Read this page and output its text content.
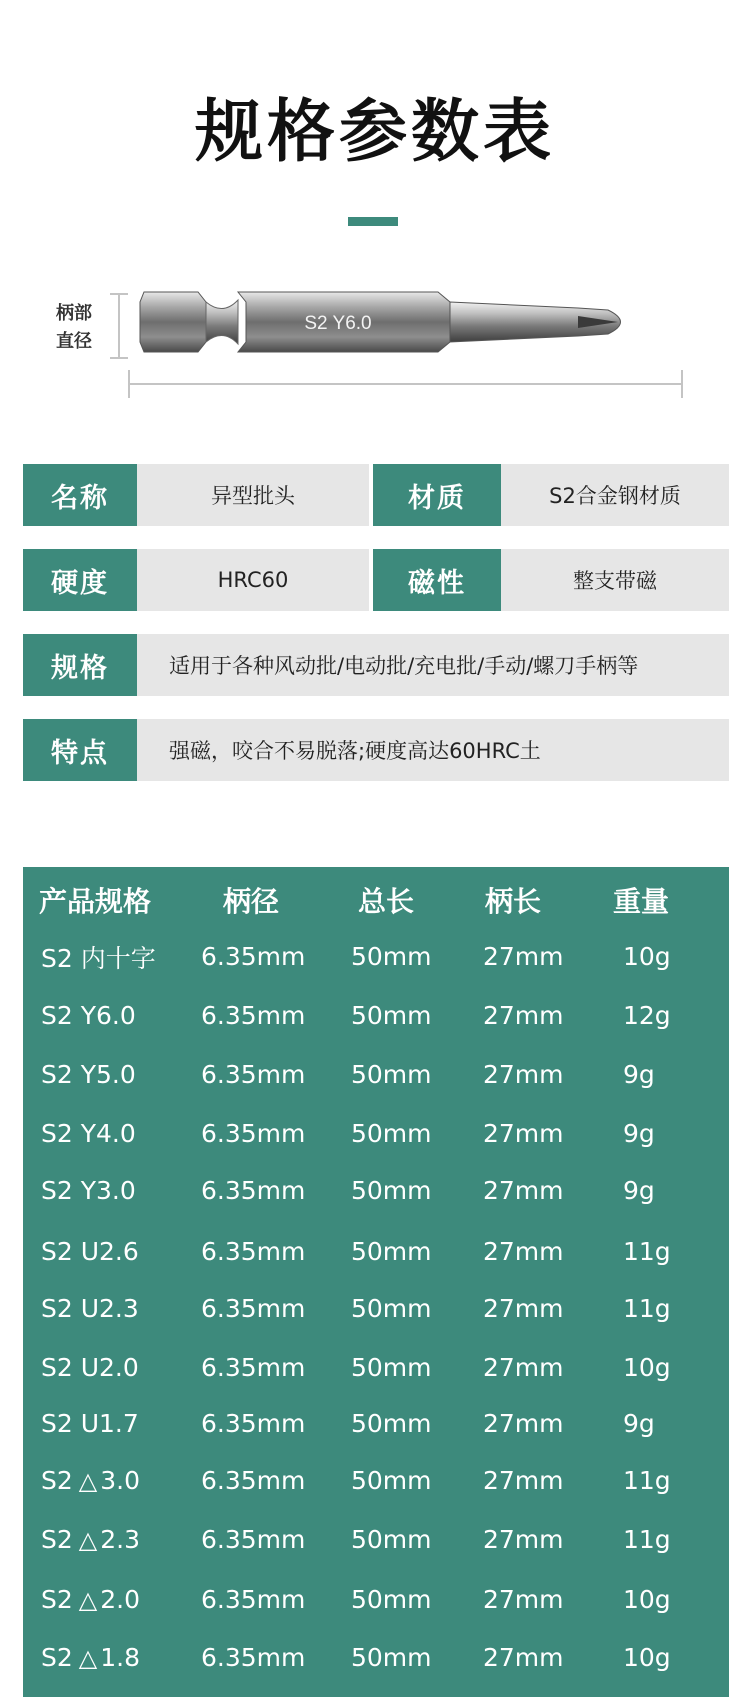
规格参数表
柄部
直径
S2 Y6.0
名称	异型批头	材质	S2合金钢材质
硬度	HRC60	磁性	整支带磁
规格	适用于各种风动批/电动批/充电批/手动/螺刀手柄等
特点	强磁，咬合不易脱落;硬度高达60HRC土
产品规格	柄径	总长	柄长	重量
S2 内十字 6.35mm 50mm 27mm 10g
S2 Y6.0	6.35mm 50mm 27mm 12g
S2 Y5.0	6.35mm 50mm 27mm 9g
S2 Y4.0	6.35mm 50mm 27mm 9g
S2 Y3.0	6.35mm 50mm 27mm 9g
S2 U2.6 6.35mm 50mm 27mm 11g
S2 U2.3 6.35mm 50mm 27mm 11g
S2 U2.0 6.35mm 50mm 27mm 10g
S2 U1.7 6.35mm 50mm 27mm 9g
S2 △ 3.0 6.35mm 50mm 27mm 11g
S2 △ 2.3 6.35mm 50mm 27mm 11g
S2 △ 2.0 6.35mm 50mm 27mm 10g
S2 △ 1.8 6.35mm 50mm 27mm 10g
